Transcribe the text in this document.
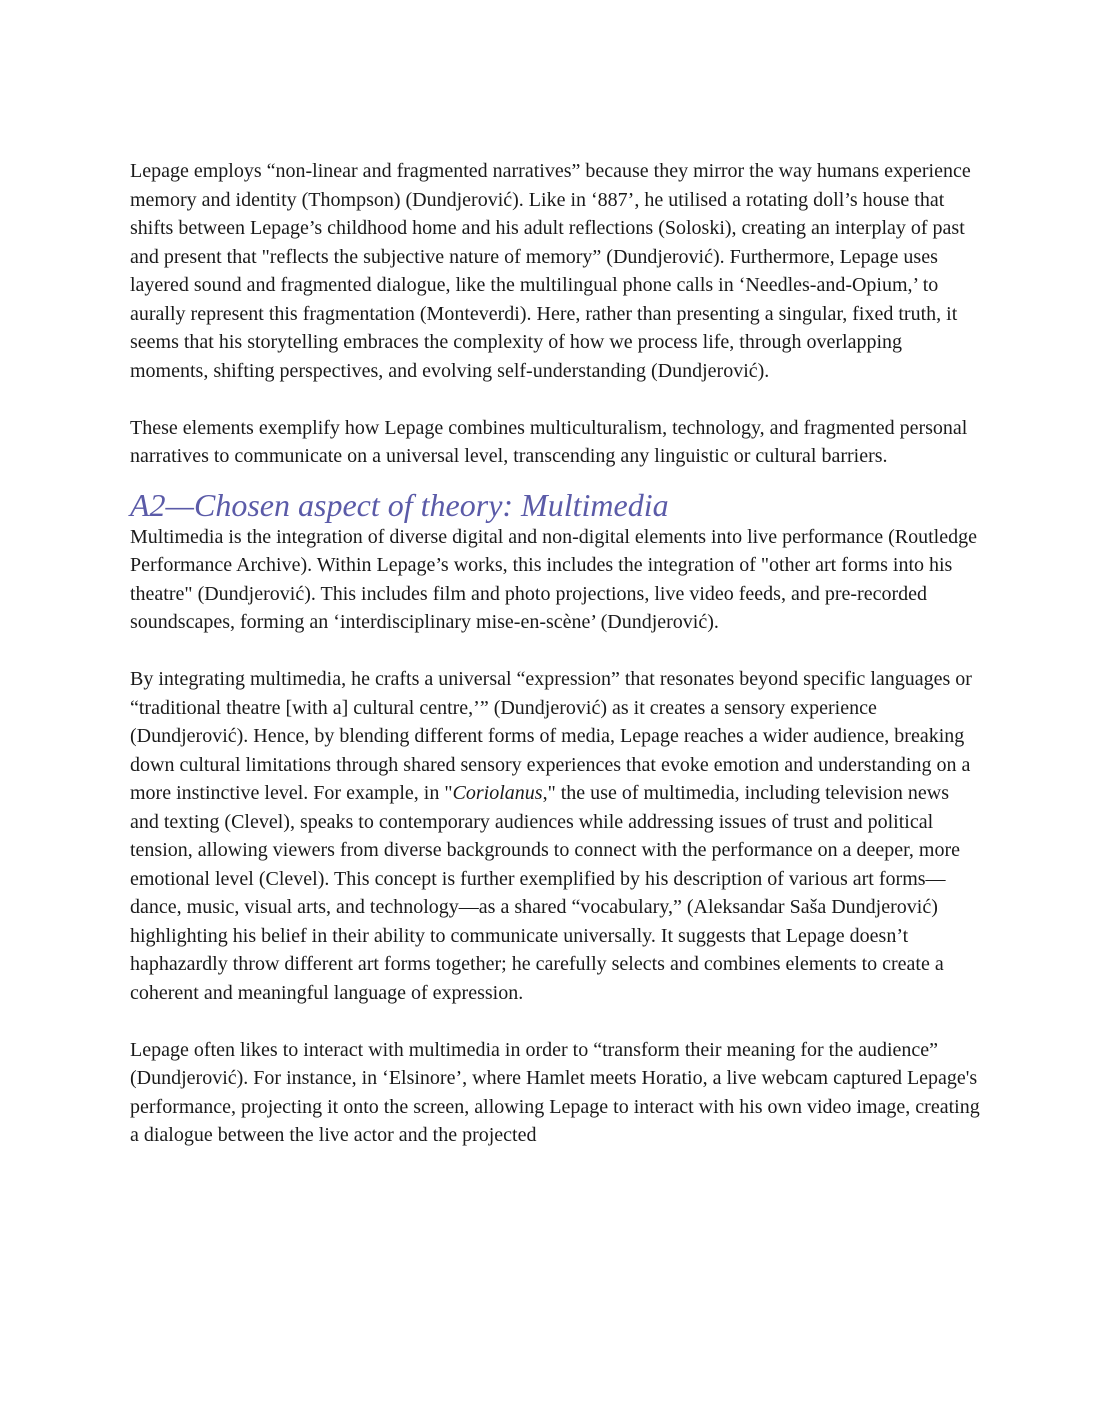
Lepage employs “non-linear and fragmented narratives” because they mirror the way humans experience memory and identity (Thompson) (Dundjerović). Like in ‘887’, he utilised a rotating doll’s house that shifts between Lepage’s childhood home and his adult reflections (Soloski), creating an interplay of past and present that "reflects the subjective nature of memory” (Dundjerović). Furthermore, Lepage uses layered sound and fragmented dialogue, like the multilingual phone calls in ‘Needles-and-Opium,’ to aurally represent this fragmentation (Monteverdi). Here, rather than presenting a singular, fixed truth, it seems that his storytelling embraces the complexity of how we process life, through overlapping moments, shifting perspectives, and evolving self-understanding (Dundjerović).

These elements exemplify how Lepage combines multiculturalism, technology, and fragmented personal narratives to communicate on a universal level, transcending any linguistic or cultural barriers.

A2—Chosen aspect of theory: Multimedia

Multimedia is the integration of diverse digital and non-digital elements into live performance (Routledge Performance Archive). Within Lepage’s works, this includes the integration of "other art forms into his theatre" (Dundjerović). This includes film and photo projections, live video feeds, and pre-recorded soundscapes, forming an ‘interdisciplinary mise-en-scène’ (Dundjerović).

By integrating multimedia, he crafts a universal “expression” that resonates beyond specific languages or “traditional theatre [with a] cultural centre,’” (Dundjerović) as it creates a sensory experience (Dundjerović). Hence, by blending different forms of media, Lepage reaches a wider audience, breaking down cultural limitations through shared sensory experiences that evoke emotion and understanding on a more instinctive level. For example, in "Coriolanus," the use of multimedia, including television news and texting (Clevel), speaks to contemporary audiences while addressing issues of trust and political tension, allowing viewers from diverse backgrounds to connect with the performance on a deeper, more emotional level (Clevel). This concept is further exemplified by his description of various art forms—dance, music, visual arts, and technology—as a shared “vocabulary,” (Aleksandar Saša Dundjerović) highlighting his belief in their ability to communicate universally. It suggests that Lepage doesn’t haphazardly throw different art forms together; he carefully selects and combines elements to create a coherent and meaningful language of expression.

Lepage often likes to interact with multimedia in order to “transform their meaning for the audience” (Dundjerović). For instance, in ‘Elsinore’, where Hamlet meets Horatio, a live webcam captured Lepage's performance, projecting it onto the screen, allowing Lepage to interact with his own video image, creating a dialogue between the live actor and the projected
